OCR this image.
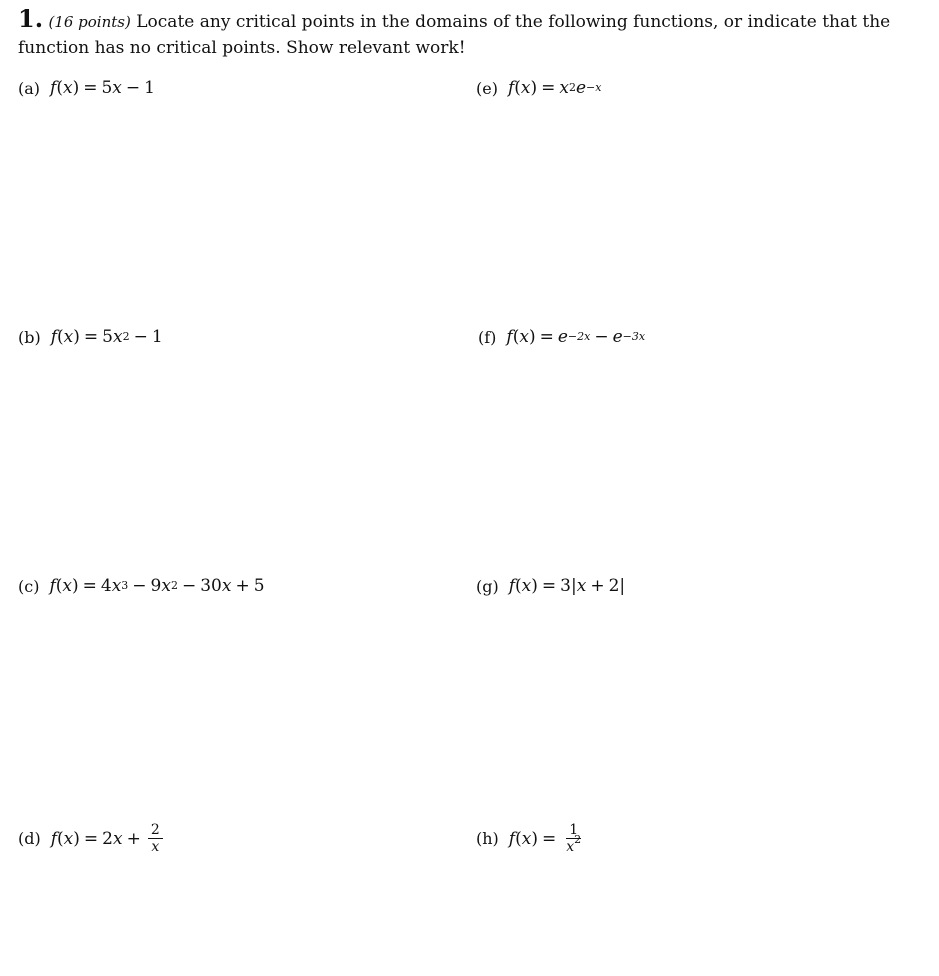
1. (16 points) Locate any critical points in the domains of the following functions, or indicate that the function has no critical points. Show relevant work!
(a) f ( x ) = 5 x − 1	(e) f ( x ) = x 2 e −x
(b) f ( x ) = 5 x 2 − 1	(f) f ( x ) = e −2x − e −3x
(c) f ( x ) = 4 x 3 − 9 x 2 − 30 x + 5	(g) f ( x ) = 3 | x + 2 |
(d) f ( x ) = 2 $x + \frac{2}{x}$	(h) f ( x ) = $\frac{1}{x^2}$
